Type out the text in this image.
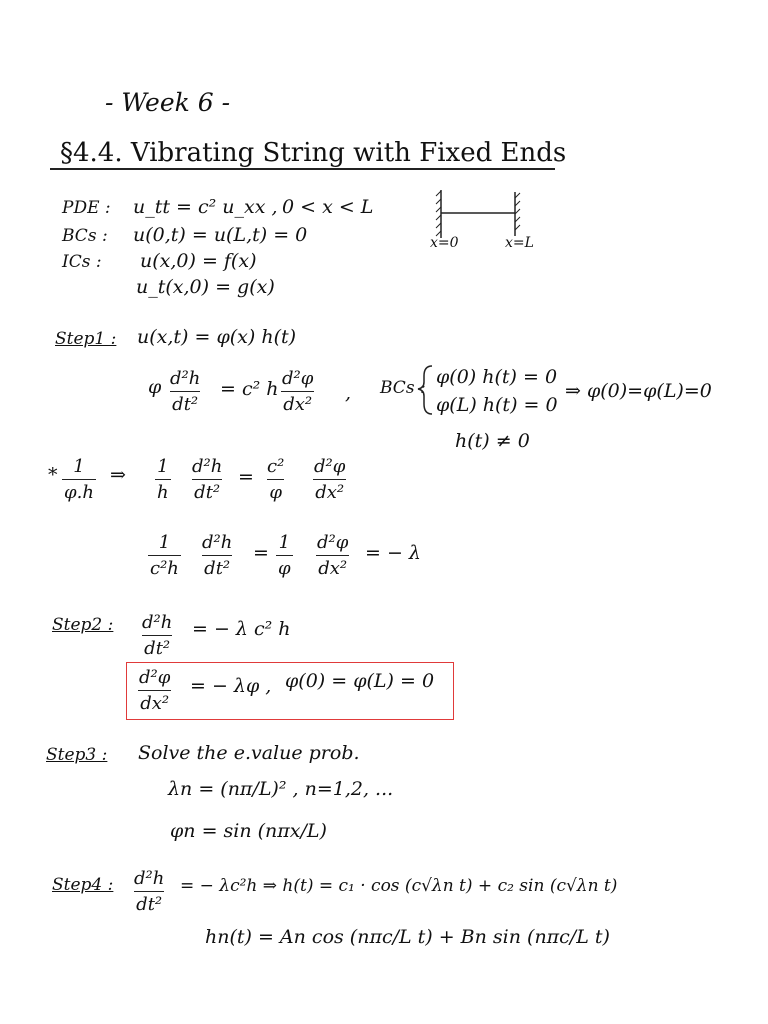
- Week 6 -
§4.4. Vibrating String with Fixed Ends
PDE : u_tt = c² u_xx , 0 < x < L
BCs : u(0,t) = u(L,t) = 0
ICs : u(x,0) = f(x)
u_t(x,0) = g(x)
x=0	x=L
Step1 : u(x,t) = φ(x) h(t)
φ $\frac{\text{d²h}}{\text{dt²}} = c^2$ h $\frac{\text{d²φ}}{\text{dx²}}$ , BCs : φ(0) h(t) = 0
φ(L) h(t) = 0
⇒ φ(0)=φ(L)=0
h(t) ≠ 0
* $\frac{1}{\varphi.h}$ ⇒ $\frac{1}{h} \frac{\text{d²h}}{\text{dt²}} = \frac{\text{c²}}{\varphi} \frac{\text{d²φ}}{\text{dx²}}$
$\frac{1}{\text{c²h}} \frac{\text{d²h}}{\text{dt²}} = \frac{1}{\varphi} \frac{\text{d²φ}}{\text{dx²}}$ = − λ
Step2 : $\frac{\text{d²h}}{\text{dt²}}$ = − λ c² h
$\frac{\text{d²φ}}{\text{dx²}}$ = − λφ , φ(0) = φ(L) = 0
Step3 : Solve the e.value prob.
λn = (nπ/L)² , n=1,2, ...
φn = sin (nπx/L)
Step4 : $\frac{\text{d²h}}{\text{dt²}}$ = − λc²h ⇒ h(t) = c₁ · cos (c√λn t) + c₂ sin (c√λn t)
hn(t) = An cos (nπc/L t) + Bn sin (nπc/L t)
